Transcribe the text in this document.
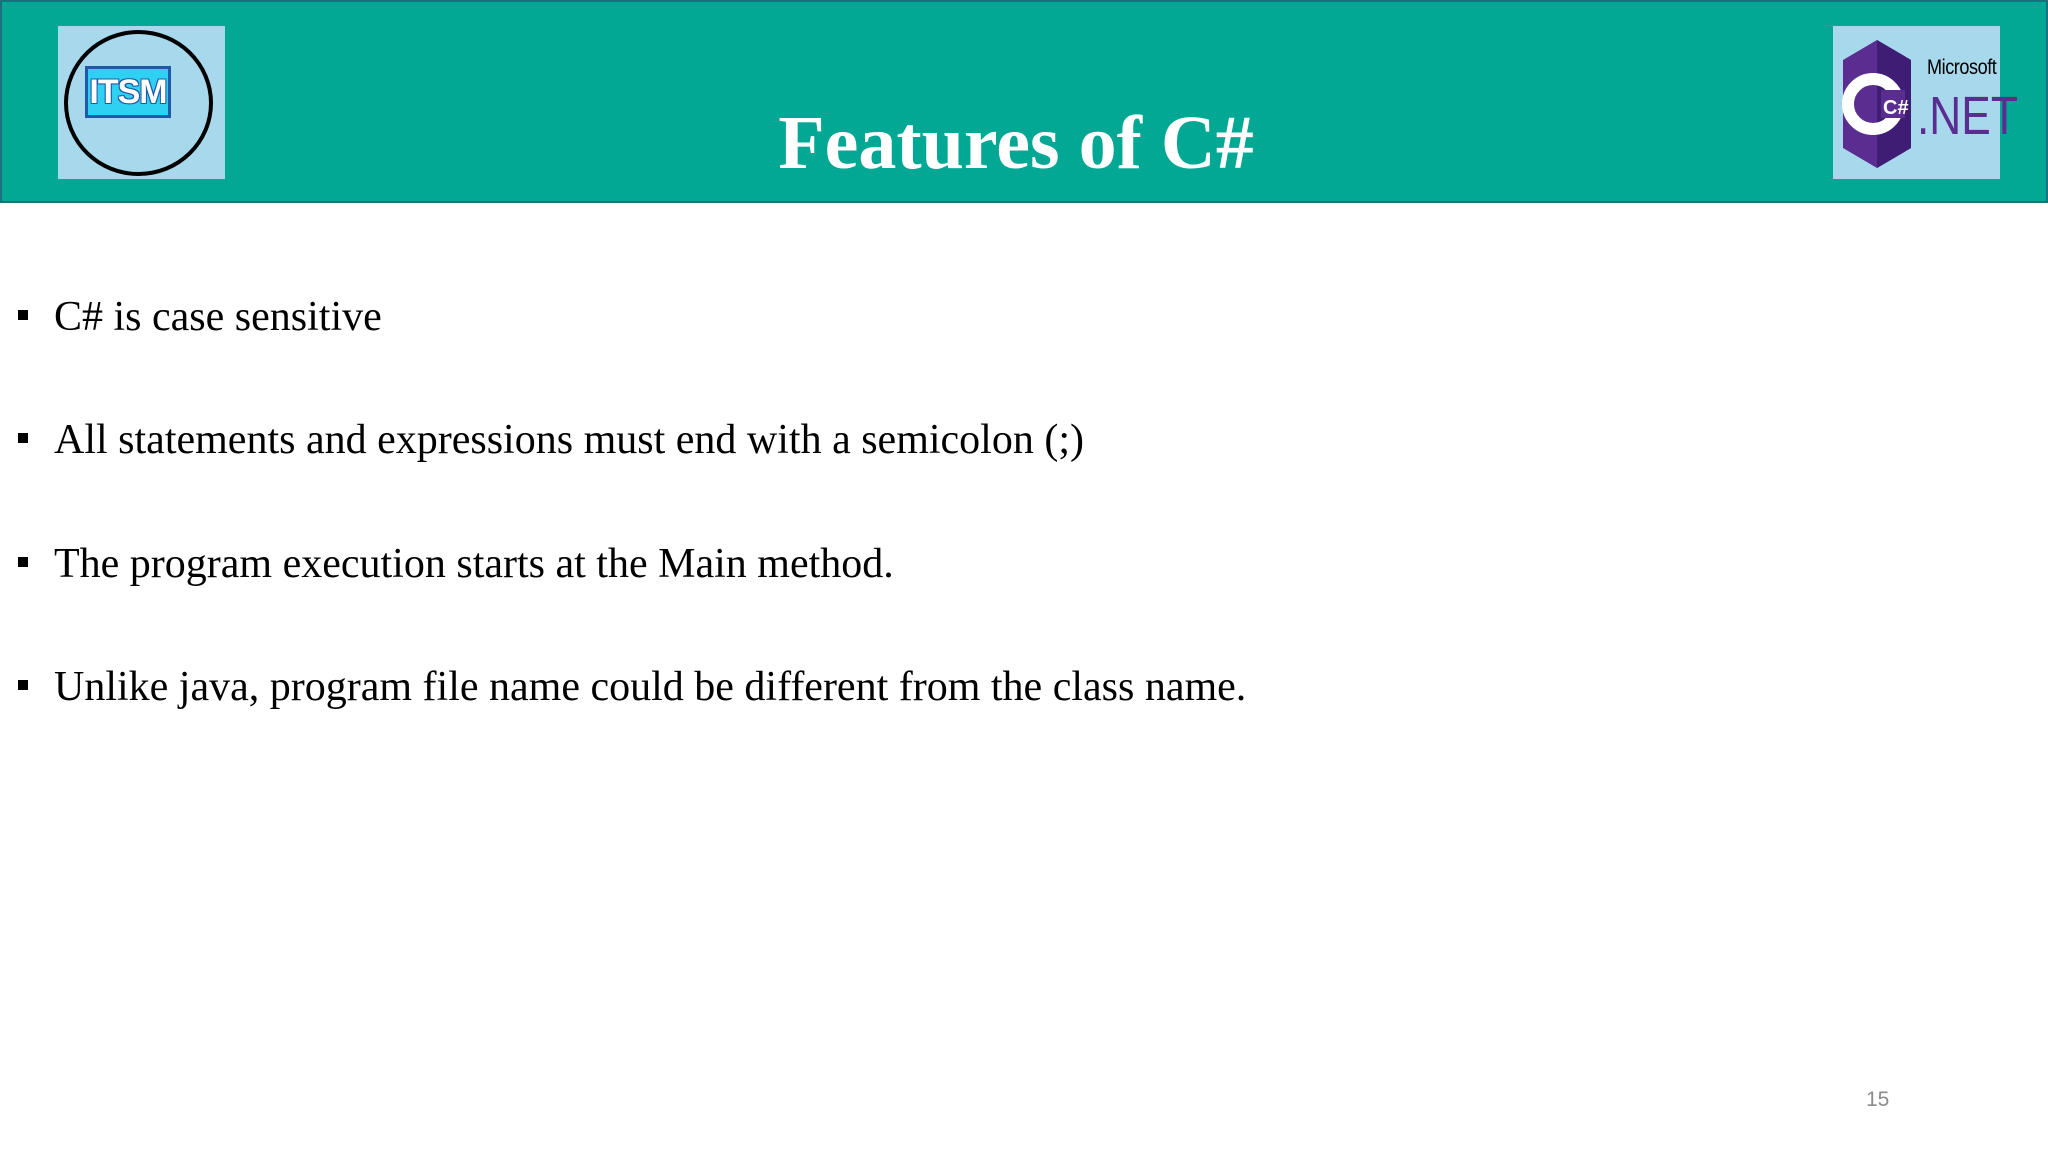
ITSM
Features of C#	C#
Microsoft
.NET
C# is case sensitive
All statements and expressions must end with a semicolon (;)
The program execution starts at the Main method.
Unlike java, program file name could be different from the class name.
15
